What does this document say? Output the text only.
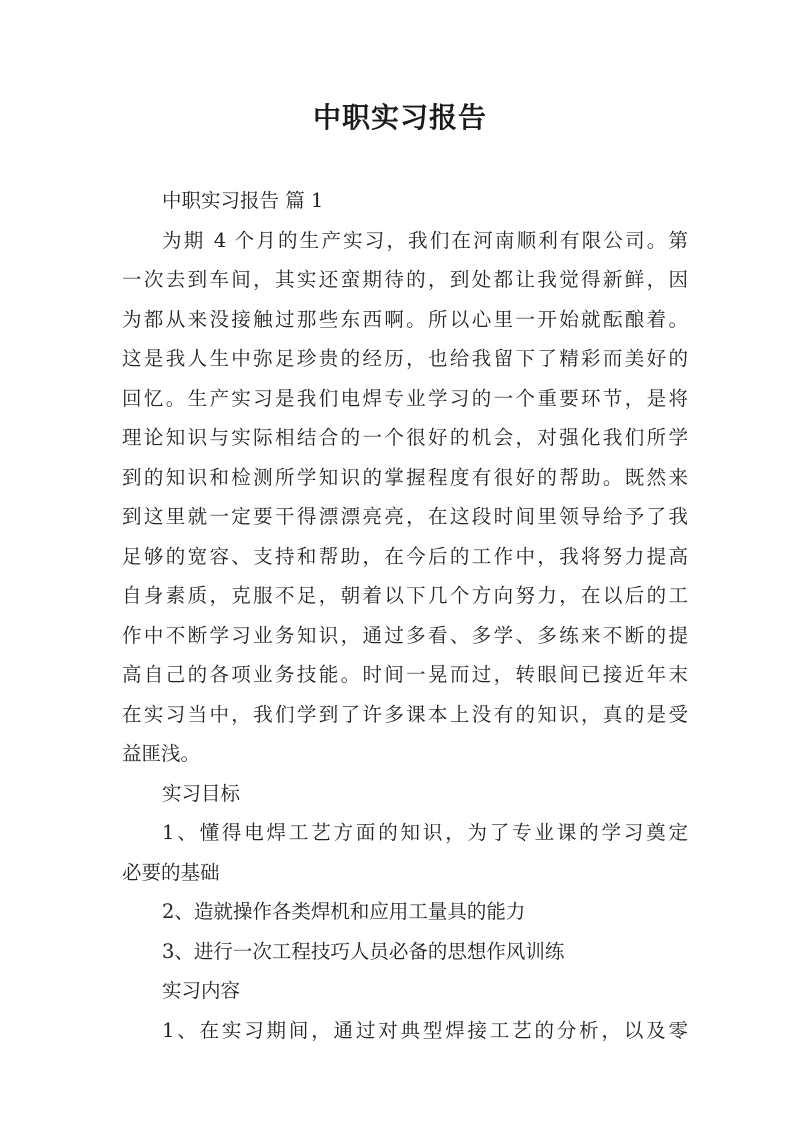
中职实习报告
中职实习报告 篇 1
为期 4 个月的生产实习，我们在河南顺利有限公司。第
一次去到车间，其实还蛮期待的，到处都让我觉得新鲜，因
为都从来没接触过那些东西啊。所以心里一开始就酝酿着。
这是我人生中弥足珍贵的经历，也给我留下了精彩而美好的
回忆。生产实习是我们电焊专业学习的一个重要环节，是将
理论知识与实际相结合的一个很好的机会，对强化我们所学
到的知识和检测所学知识的掌握程度有很好的帮助。既然来
到这里就一定要干得漂漂亮亮，在这段时间里领导给予了我
足够的宽容、支持和帮助，在今后的工作中，我将努力提高
自身素质，克服不足，朝着以下几个方向努力，在以后的工
作中不断学习业务知识，通过多看、多学、多练来不断的提
高自己的各项业务技能。时间一晃而过，转眼间已接近年末
在实习当中，我们学到了许多课本上没有的知识，真的是受
益匪浅。
实习目标
1、懂得电焊工艺方面的知识，为了专业课的学习奠定
必要的基础
2、造就操作各类焊机和应用工量具的能力
3、进行一次工程技巧人员必备的思想作风训练
实习内容
1、在实习期间，通过对典型焊接工艺的分析，以及零
